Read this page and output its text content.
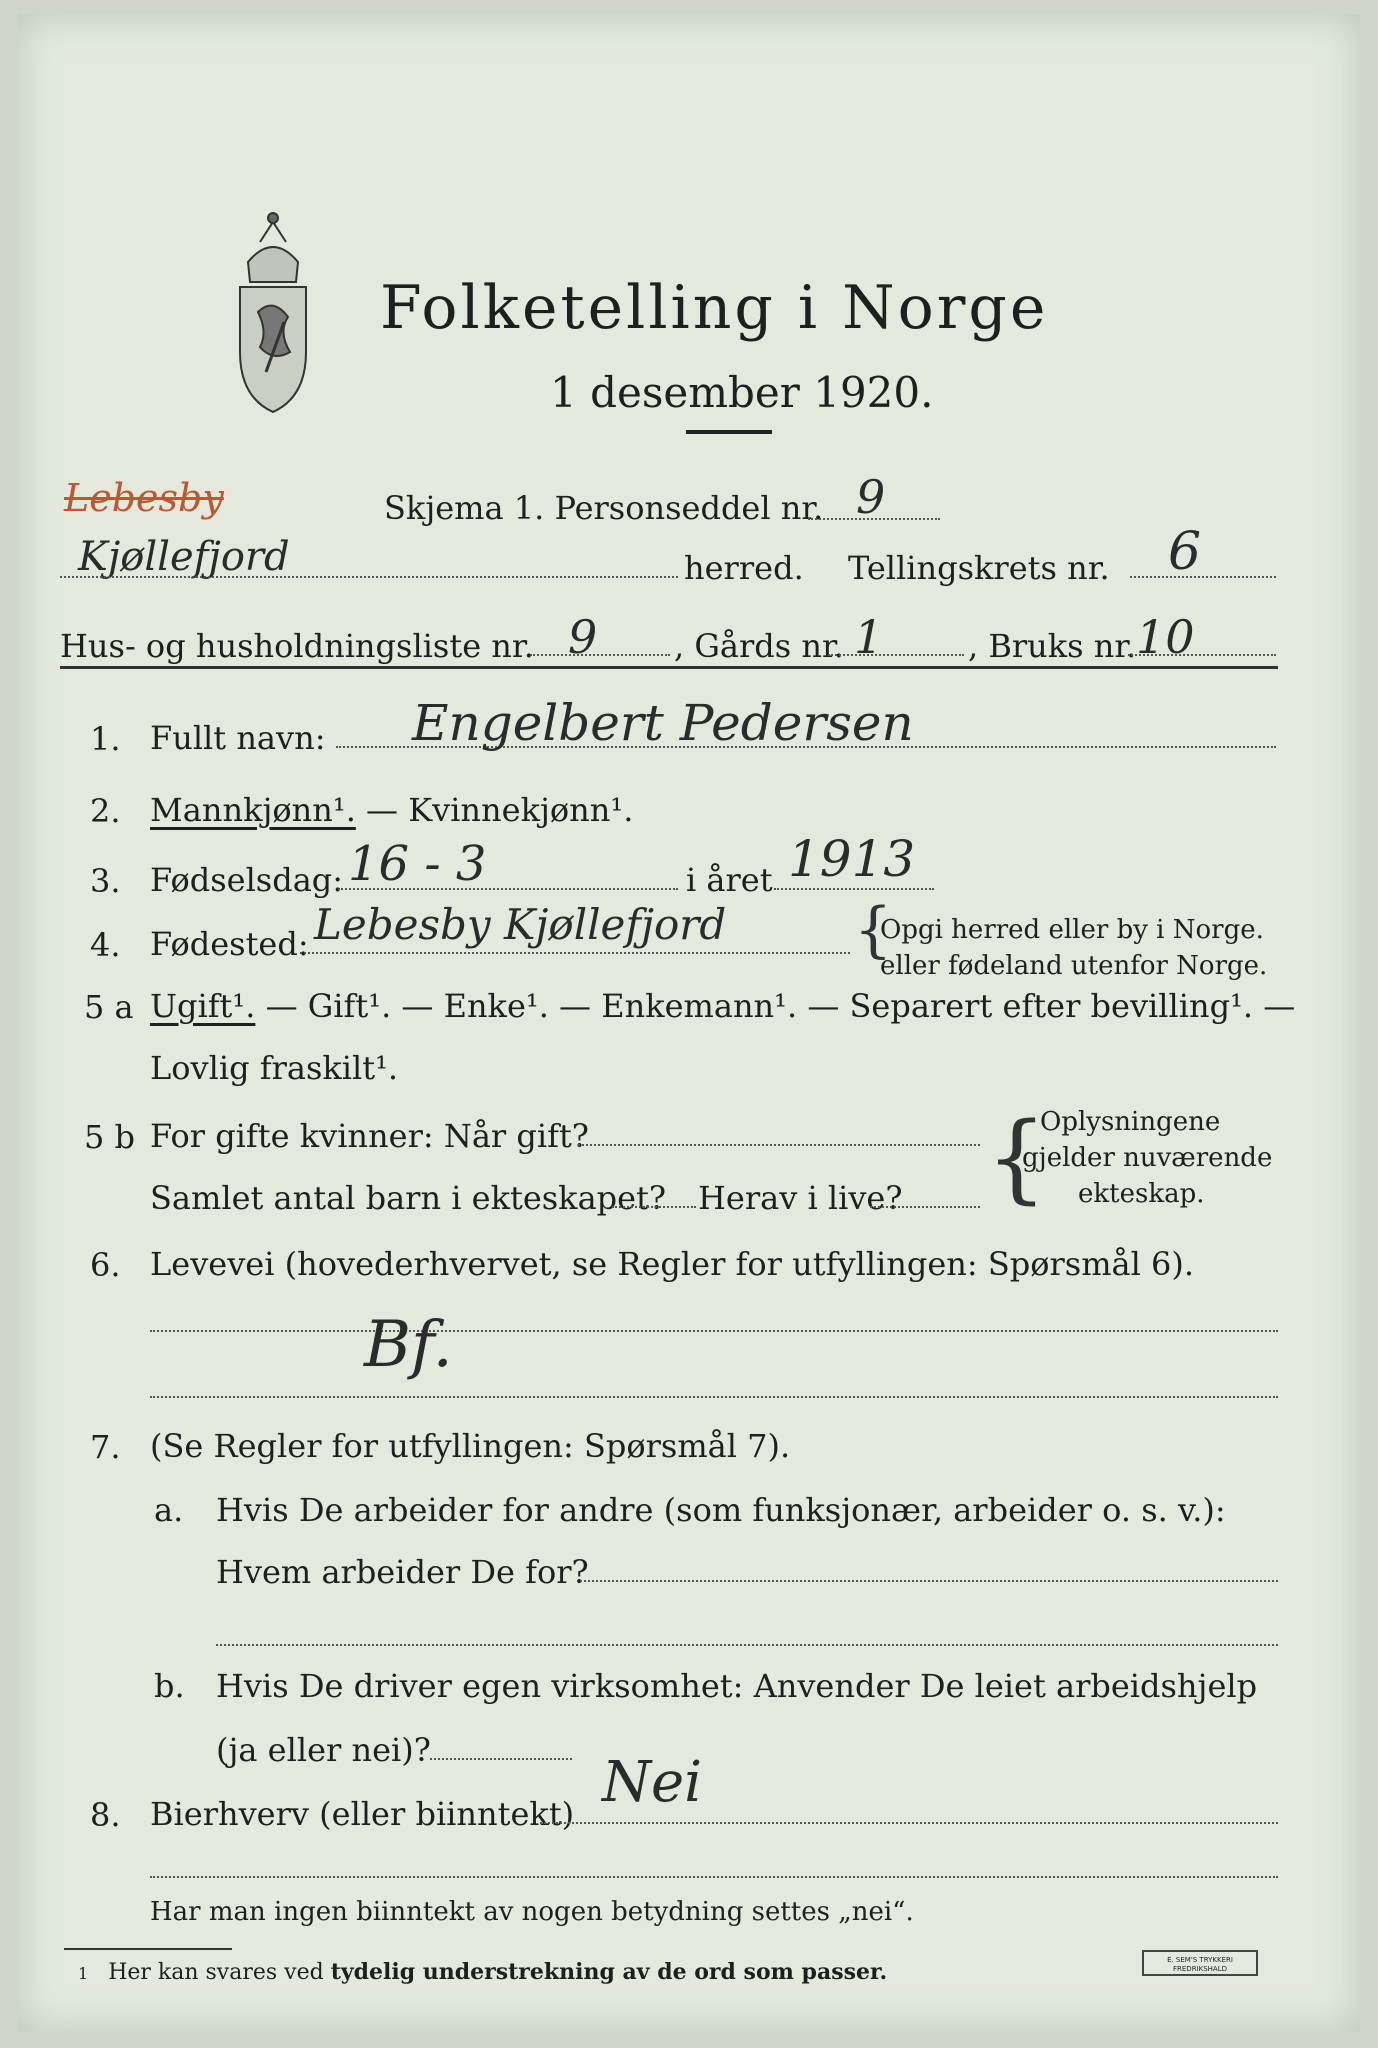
Folketelling i Norge
1 desember 1920.
Lebesby
Kjøllefjord
Skjema 1. Personseddel nr. 9
herred. Tellingskrets nr. 6
Hus- og husholdningsliste nr. 9 , Gårds nr. 1	, Bruks nr. 10
1. Fullt navn: Engelbert Pedersen
2. Mannkjønn¹. — Kvinnekjønn¹.
3. Fødselsdag: 16 - 3	i året 1913
4. Fødested: Lebesby Kjøllefjord {
Opgi herred eller by i Norge.
eller fødeland utenfor Norge.
5 a Ugift¹. — Gift¹. — Enke¹. — Enkemann¹. — Separert efter bevilling¹. —
Lovlig fraskilt¹.
5 b For gifte kvinner: Når gift?
Samlet antal barn i ekteskapet? Herav i live? {
Oplysningene
gjelder nuværende
ekteskap.
6. Levevei (hovederhvervet, se Regler for utfyllingen: Spørsmål 6).
Bf.
7. (Se Regler for utfyllingen: Spørsmål 7).
a. Hvis De arbeider for andre (som funksjonær, arbeider o. s. v.):
Hvem arbeider De for?
b. Hvis De driver egen virksomhet: Anvender De leiet arbeidshjelp
(ja eller nei)?
8. Bierhverv (eller biinntekt) Nei
Har man ingen biinntekt av nogen betydning settes „nei“.
1 Her kan svares ved tydelig understrekning av de ord som passer.	E. SEM'S TRYKKERI FREDRIKSHALD
